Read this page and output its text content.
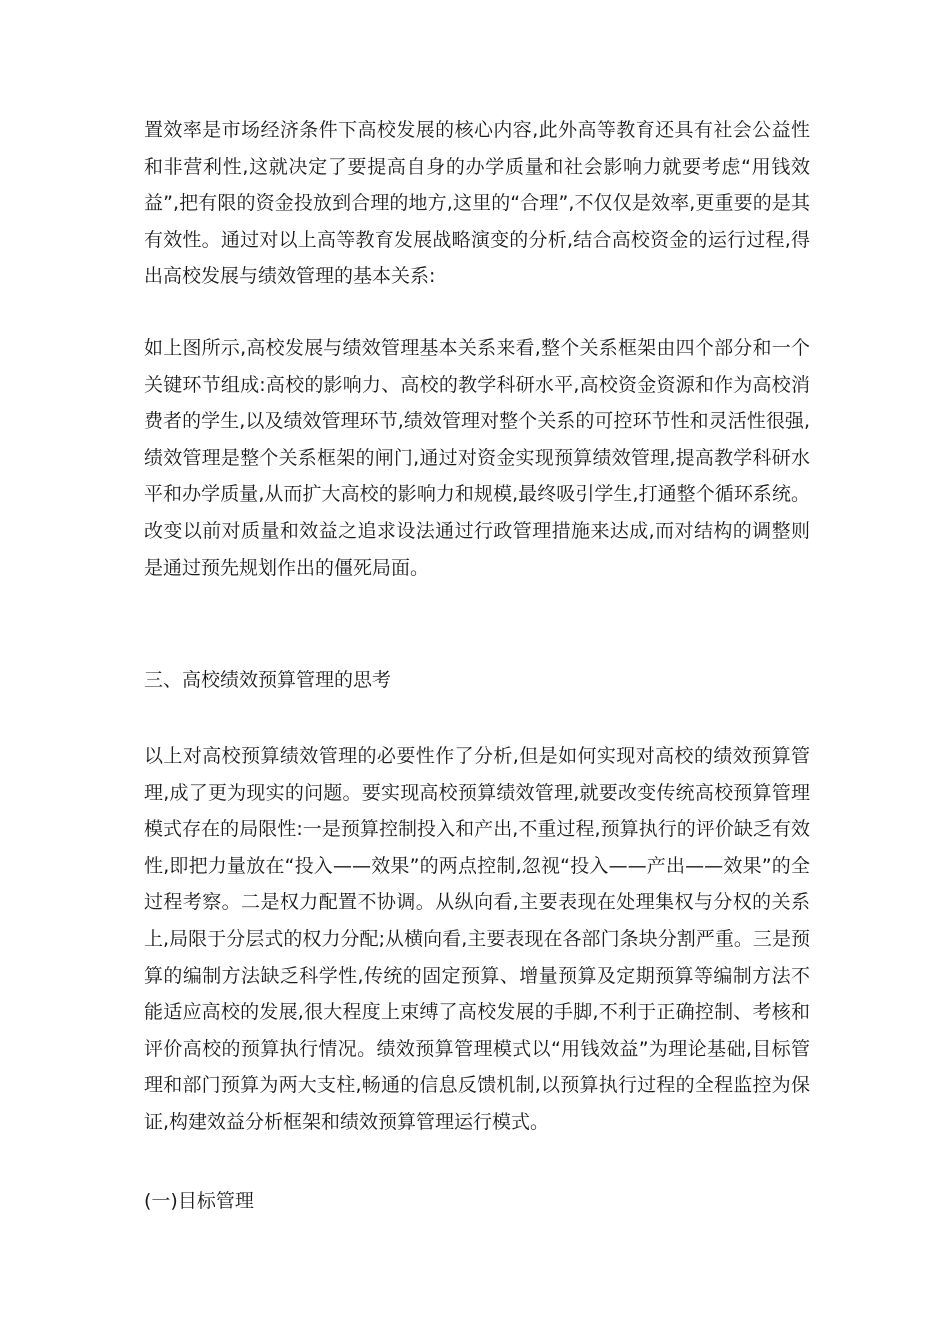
置效率是市场经济条件下高校发展的核心内容,此外高等教育还具有社会公益性和非营利性,这就决定了要提高自身的办学质量和社会影响力就要考虑“用钱效益”,把有限的资金投放到合理的地方,这里的“合理”,不仅仅是效率,更重要的是其有效性。通过对以上高等教育发展战略演变的分析,结合高校资金的运行过程,得出高校发展与绩效管理的基本关系:

如上图所示,高校发展与绩效管理基本关系来看,整个关系框架由四个部分和一个关键环节组成:高校的影响力、高校的教学科研水平,高校资金资源和作为高校消费者的学生,以及绩效管理环节,绩效管理对整个关系的可控环节性和灵活性很强,绩效管理是整个关系框架的闸门,通过对资金实现预算绩效管理,提高教学科研水平和办学质量,从而扩大高校的影响力和规模,最终吸引学生,打通整个循环系统。改变以前对质量和效益之追求设法通过行政管理措施来达成,而对结构的调整则是通过预先规划作出的僵死局面。

三、高校绩效预算管理的思考

以上对高校预算绩效管理的必要性作了分析,但是如何实现对高校的绩效预算管理,成了更为现实的问题。要实现高校预算绩效管理,就要改变传统高校预算管理模式存在的局限性:一是预算控制投入和产出,不重过程,预算执行的评价缺乏有效性,即把力量放在“投入——效果”的两点控制,忽视“投入——产出——效果”的全过程考察。二是权力配置不协调。从纵向看,主要表现在处理集权与分权的关系上,局限于分层式的权力分配;从横向看,主要表现在各部门条块分割严重。三是预算的编制方法缺乏科学性,传统的固定预算、增量预算及定期预算等编制方法不能适应高校的发展,很大程度上束缚了高校发展的手脚,不利于正确控制、考核和评价高校的预算执行情况。绩效预算管理模式以“用钱效益”为理论基础,目标管理和部门预算为两大支柱,畅通的信息反馈机制,以预算执行过程的全程监控为保证,构建效益分析框架和绩效预算管理运行模式。

(一)目标管理
